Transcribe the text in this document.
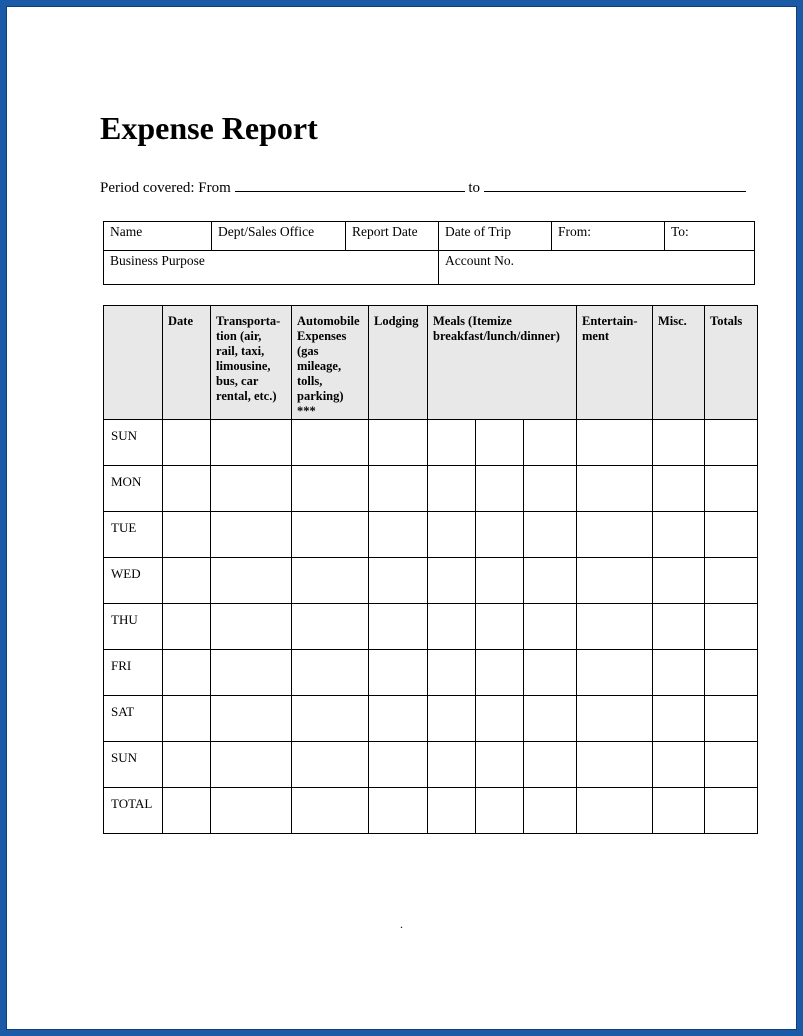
Expense Report
Period covered: From	to
Name	Dept/Sales Office	Report Date	Date of Trip	From:	To:
Business Purpose			Account No.		
	Date	Transporta-tion (air, rail, taxi, limousine, bus, car rental, etc.)	Automobile Expenses (gas mileage, tolls, parking) ***	Lodging	Meals (Itemize breakfast/lunch/dinner)			Entertain-ment	Misc.	Totals
SUN										
MON										
TUE										
WED										
THU										
FRI										
SAT										
SUN										
TOTAL										
.
